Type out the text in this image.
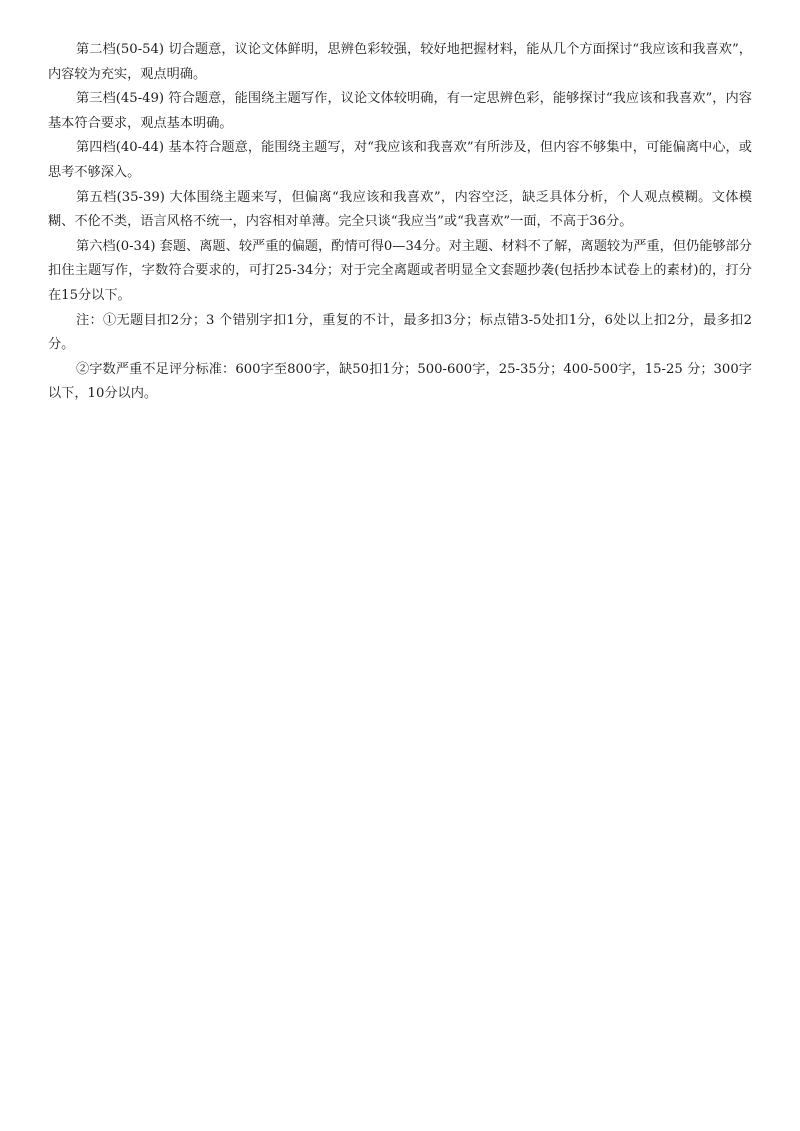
第二档(50-54) 切合题意，议论文体鲜明，思辨色彩较强，较好地把握材料，能从几个方面探讨“我应该和我喜欢”，内容较为充实，观点明确。

第三档(45-49) 符合题意，能围绕主题写作，议论文体较明确，有一定思辨色彩，能够探讨“我应该和我喜欢”，内容基本符合要求，观点基本明确。

第四档(40-44) 基本符合题意，能围绕主题写，对“我应该和我喜欢”有所涉及，但内容不够集中，可能偏离中心，或思考不够深入。

第五档(35-39) 大体围绕主题来写，但偏离“我应该和我喜欢”，内容空泛，缺乏具体分析，个人观点模糊。文体模糊、不伦不类，语言风格不统一，内容相对单薄。完全只谈“我应当”或“我喜欢”一面，不高于36分。

第六档(0-34) 套题、离题、较严重的偏题，酌情可得0—34分。对主题、材料不了解，离题较为严重，但仍能够部分扣住主题写作，字数符合要求的，可打25-34分；对于完全离题或者明显全文套题抄袭(包括抄本试卷上的素材)的，打分在15分以下。

注：①无题目扣2分；3 个错别字扣1分，重复的不计，最多扣3分；标点错3-5处扣1分，6处以上扣2分，最多扣2分。

②字数严重不足评分标准：600字至800字，缺50扣1分；500-600字，25-35分；400-500字，15-25 分；300字以下，10分以内。
